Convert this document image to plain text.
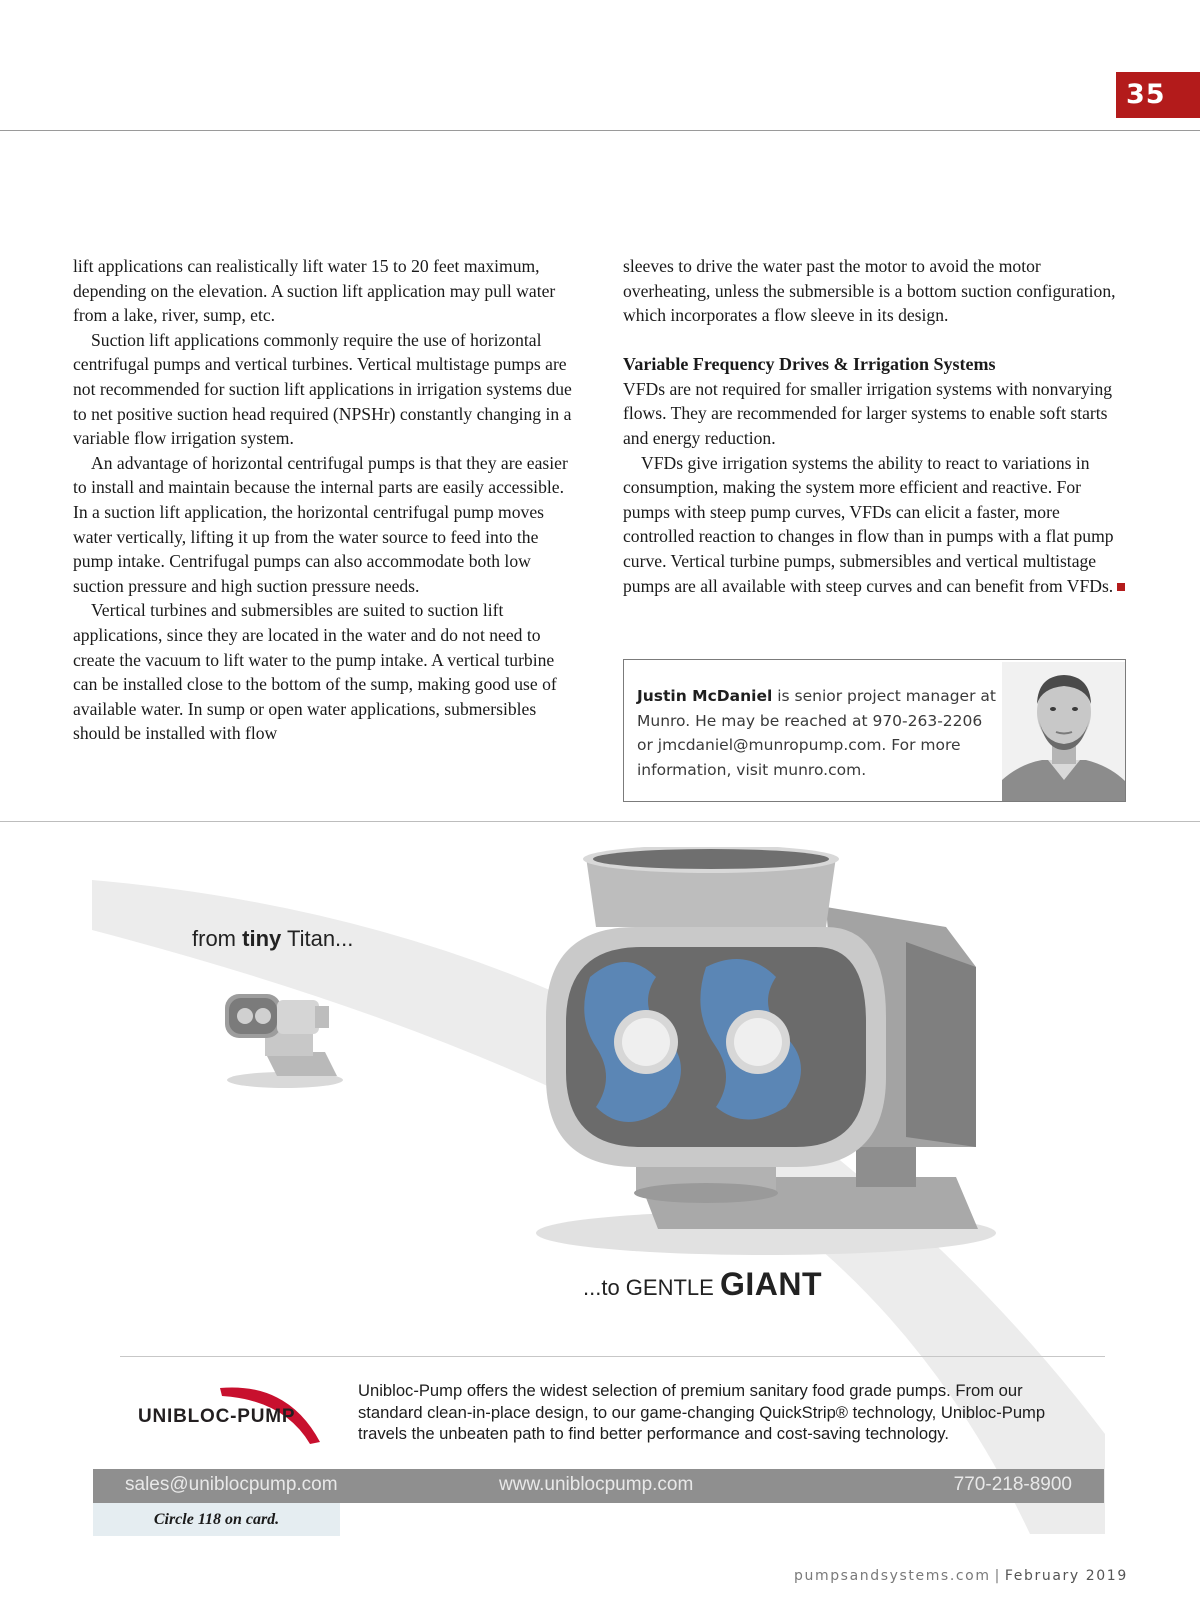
35

lift applications can realistically lift water 15 to 20 feet maximum, depending on the elevation. A suction lift application may pull water from a lake, river, sump, etc.

Suction lift applications commonly require the use of horizontal centrifugal pumps and vertical turbines. Vertical multistage pumps are not recommended for suction lift applications in irrigation systems due to net positive suction head required (NPSHr) constantly changing in a variable flow irrigation system.

An advantage of horizontal centrifugal pumps is that they are easier to install and maintain because the internal parts are easily accessible. In a suction lift application, the horizontal centrifugal pump moves water vertically, lifting it up from the water source to feed into the pump intake. Centrifugal pumps can also accommodate both low suction pressure and high suction pressure needs.

Vertical turbines and submersibles are suited to suction lift applications, since they are located in the water and do not need to create the vacuum to lift water to the pump intake. A vertical turbine can be installed close to the bottom of the sump, making good use of available water. In sump or open water applications, submersibles should be installed with flow

sleeves to drive the water past the motor to avoid the motor overheating, unless the submersible is a bottom suction configuration, which incorporates a flow sleeve in its design.

Variable Frequency Drives & Irrigation Systems

VFDs are not required for smaller irrigation systems with nonvarying flows. They are recommended for larger systems to enable soft starts and energy reduction.

VFDs give irrigation systems the ability to react to variations in consumption, making the system more efficient and reactive. For pumps with steep pump curves, VFDs can elicit a faster, more controlled reaction to changes in flow than in pumps with a flat pump curve. Vertical turbine pumps, submersibles and vertical multistage pumps are all available with steep curves and can benefit from VFDs.

Justin McDaniel is senior project manager at Munro. He may be reached at 970-263-2206 or jmcdaniel@munropump.com. For more information, visit munro.com.
from tiny Titan...
...to GENTLE GIANT
UNIBLOC-PUMP
Unibloc-Pump offers the widest selection of premium sanitary food grade pumps. From our standard clean-in-place design, to our game-changing QuickStrip® technology, Unibloc-Pump travels the unbeaten path to find better performance and cost-saving technology.
sales@uniblocpump.com	www.uniblocpump.com	770-218-8900
Circle 118 on card.
pumpsandsystems.com | February 2019
